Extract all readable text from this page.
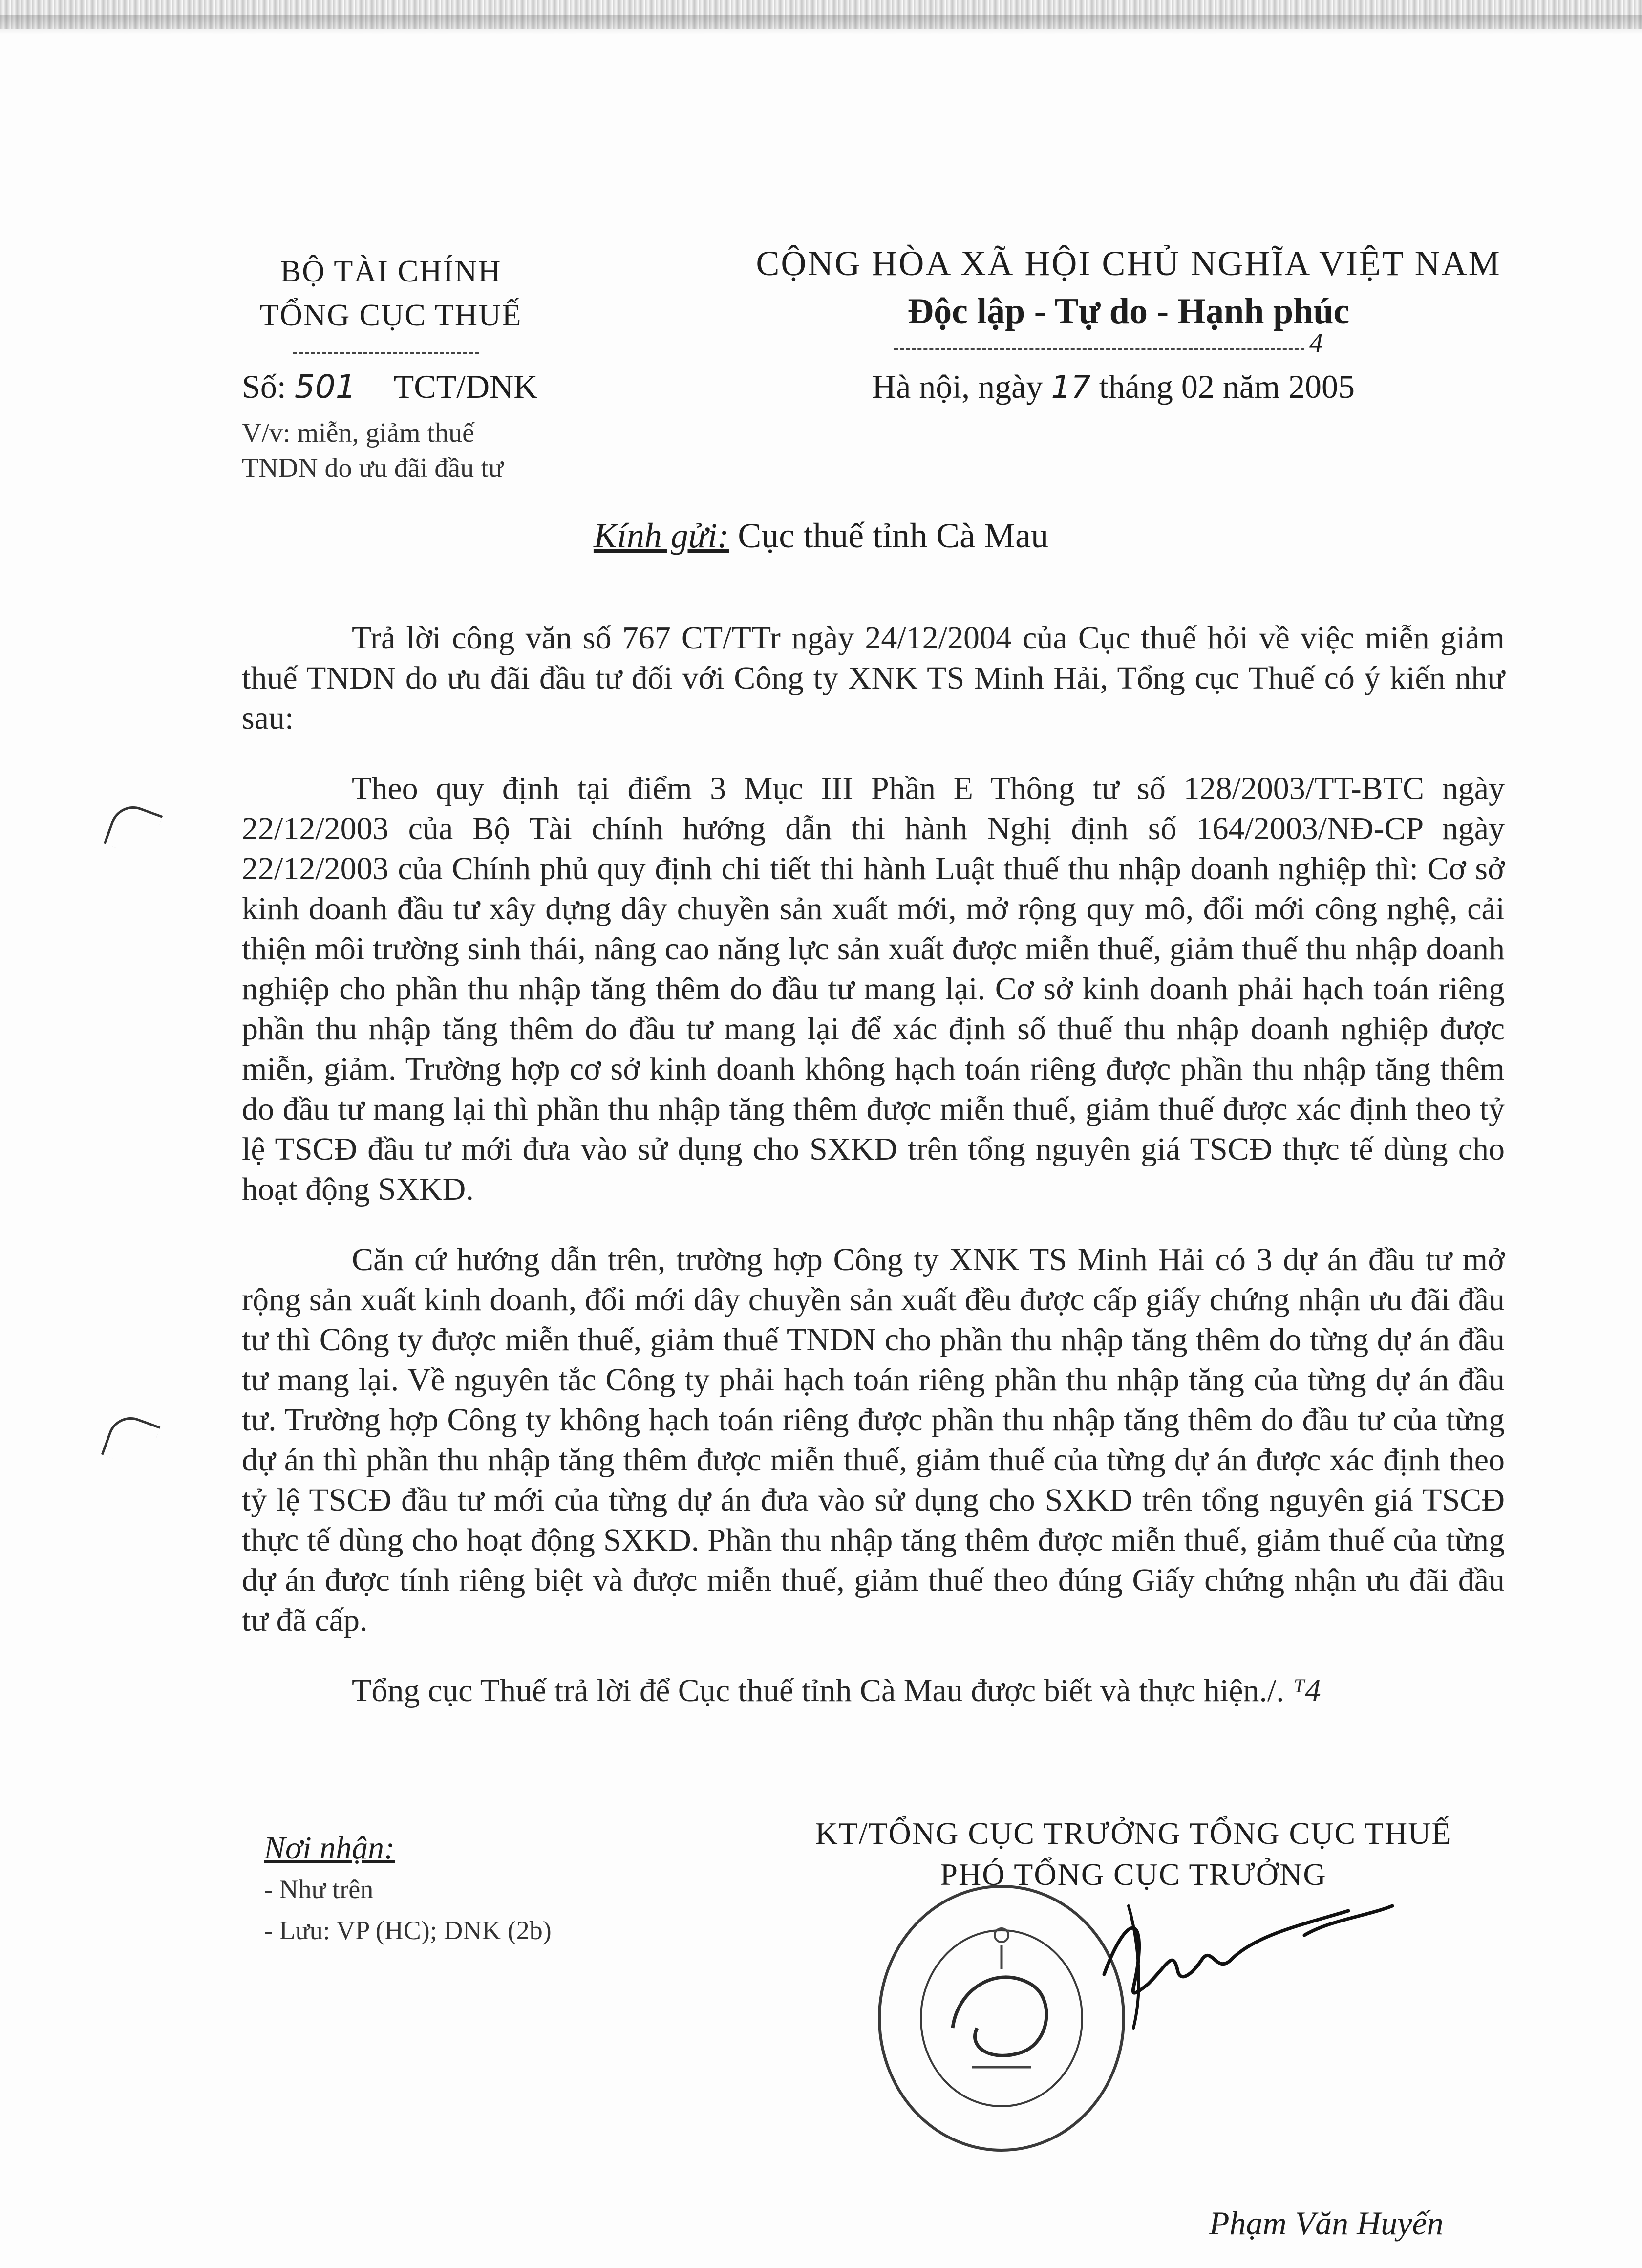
BỘ TÀI CHÍNH
TỔNG CỤC THUẾ
CỘNG HÒA XÃ HỘI CHỦ NGHĨA VIỆT NAM
Độc lập - Tự do - Hạnh phúc
4
Số: 501 TCT/DNK
V/v: miễn, giảm thuế
TNDN do ưu đãi đầu tư
Hà nội, ngày 17 tháng 02 năm 2005
Kính gửi: Cục thuế tỉnh Cà Mau

Trả lời công văn số 767 CT/TTr ngày 24/12/2004 của Cục thuế hỏi về việc miễn giảm thuế TNDN do ưu đãi đầu tư đối với Công ty XNK TS Minh Hải, Tổng cục Thuế có ý kiến như sau:

Theo quy định tại điểm 3 Mục III Phần E Thông tư số 128/2003/TT-BTC ngày 22/12/2003 của Bộ Tài chính hướng dẫn thi hành Nghị định số 164/2003/NĐ-CP ngày 22/12/2003 của Chính phủ quy định chi tiết thi hành Luật thuế thu nhập doanh nghiệp thì: Cơ sở kinh doanh đầu tư xây dựng dây chuyền sản xuất mới, mở rộng quy mô, đổi mới công nghệ, cải thiện môi trường sinh thái, nâng cao năng lực sản xuất được miễn thuế, giảm thuế thu nhập doanh nghiệp cho phần thu nhập tăng thêm do đầu tư mang lại. Cơ sở kinh doanh phải hạch toán riêng phần thu nhập tăng thêm do đầu tư mang lại để xác định số thuế thu nhập doanh nghiệp được miễn, giảm. Trường hợp cơ sở kinh doanh không hạch toán riêng được phần thu nhập tăng thêm do đầu tư mang lại thì phần thu nhập tăng thêm được miễn thuế, giảm thuế được xác định theo tỷ lệ TSCĐ đầu tư mới đưa vào sử dụng cho SXKD trên tổng nguyên giá TSCĐ thực tế dùng cho hoạt động SXKD.

Căn cứ hướng dẫn trên, trường hợp Công ty XNK TS Minh Hải có 3 dự án đầu tư mở rộng sản xuất kinh doanh, đổi mới dây chuyền sản xuất đều được cấp giấy chứng nhận ưu đãi đầu tư thì Công ty được miễn thuế, giảm thuế TNDN cho phần thu nhập tăng thêm do từng dự án đầu tư mang lại. Về nguyên tắc Công ty phải hạch toán riêng phần thu nhập tăng của từng dự án đầu tư. Trường hợp Công ty không hạch toán riêng được phần thu nhập tăng thêm do đầu tư của từng dự án thì phần thu nhập tăng thêm được miễn thuế, giảm thuế của từng dự án được xác định theo tỷ lệ TSCĐ đầu tư mới của từng dự án đưa vào sử dụng cho SXKD trên tổng nguyên giá TSCĐ thực tế dùng cho hoạt động SXKD. Phần thu nhập tăng thêm được miễn thuế, giảm thuế của từng dự án được tính riêng biệt và được miễn thuế, giảm thuế theo đúng Giấy chứng nhận ưu đãi đầu tư đã cấp.

Tổng cục Thuế trả lời để Cục thuế tỉnh Cà Mau được biết và thực hiện./. ᵀ4

Nơi nhận:
- Như trên
- Lưu: VP (HC); DNK (2b)
KT/TỔNG CỤC TRƯỞNG TỔNG CỤC THUẾ
PHÓ TỔNG CỤC TRƯỞNG
Phạm Văn Huyến
